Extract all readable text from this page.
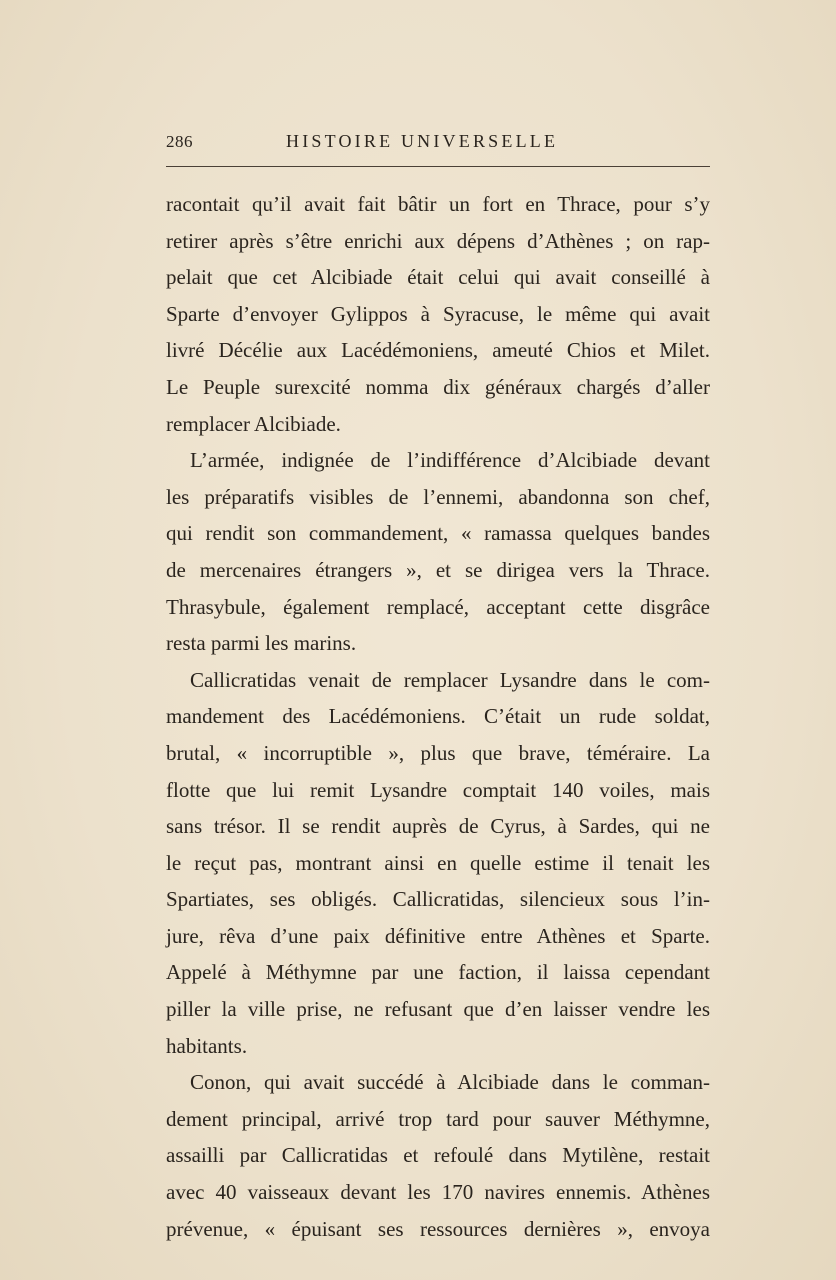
286	HISTOIRE UNIVERSELLE
racontait qu’il avait fait bâtir un fort en Thrace, pour s’y
retirer après s’être enrichi aux dépens d’Athènes ; on rap-
pelait que cet Alcibiade était celui qui avait conseillé à
Sparte d’envoyer Gylippos à Syracuse, le même qui avait
livré Décélie aux Lacédémoniens, ameuté Chios et Milet.
Le Peuple surexcité nomma dix généraux chargés d’aller
remplacer Alcibiade.
L’armée, indignée de l’indifférence d’Alcibiade devant
les préparatifs visibles de l’ennemi, abandonna son chef,
qui rendit son commandement, « ramassa quelques bandes
de mercenaires étrangers », et se dirigea vers la Thrace.
Thrasybule, également remplacé, acceptant cette disgrâce
resta parmi les marins.
Callicratidas venait de remplacer Lysandre dans le com-
mandement des Lacédémoniens. C’était un rude soldat,
brutal, « incorruptible », plus que brave, téméraire. La
flotte que lui remit Lysandre comptait 140 voiles, mais
sans trésor. Il se rendit auprès de Cyrus, à Sardes, qui ne
le reçut pas, montrant ainsi en quelle estime il tenait les
Spartiates, ses obligés. Callicratidas, silencieux sous l’in-
jure, rêva d’une paix définitive entre Athènes et Sparte.
Appelé à Méthymne par une faction, il laissa cependant
piller la ville prise, ne refusant que d’en laisser vendre les
habitants.
Conon, qui avait succédé à Alcibiade dans le comman-
dement principal, arrivé trop tard pour sauver Méthymne,
assailli par Callicratidas et refoulé dans Mytilène, restait
avec 40 vaisseaux devant les 170 navires ennemis. Athènes
prévenue, « épuisant ses ressources dernières », envoya
